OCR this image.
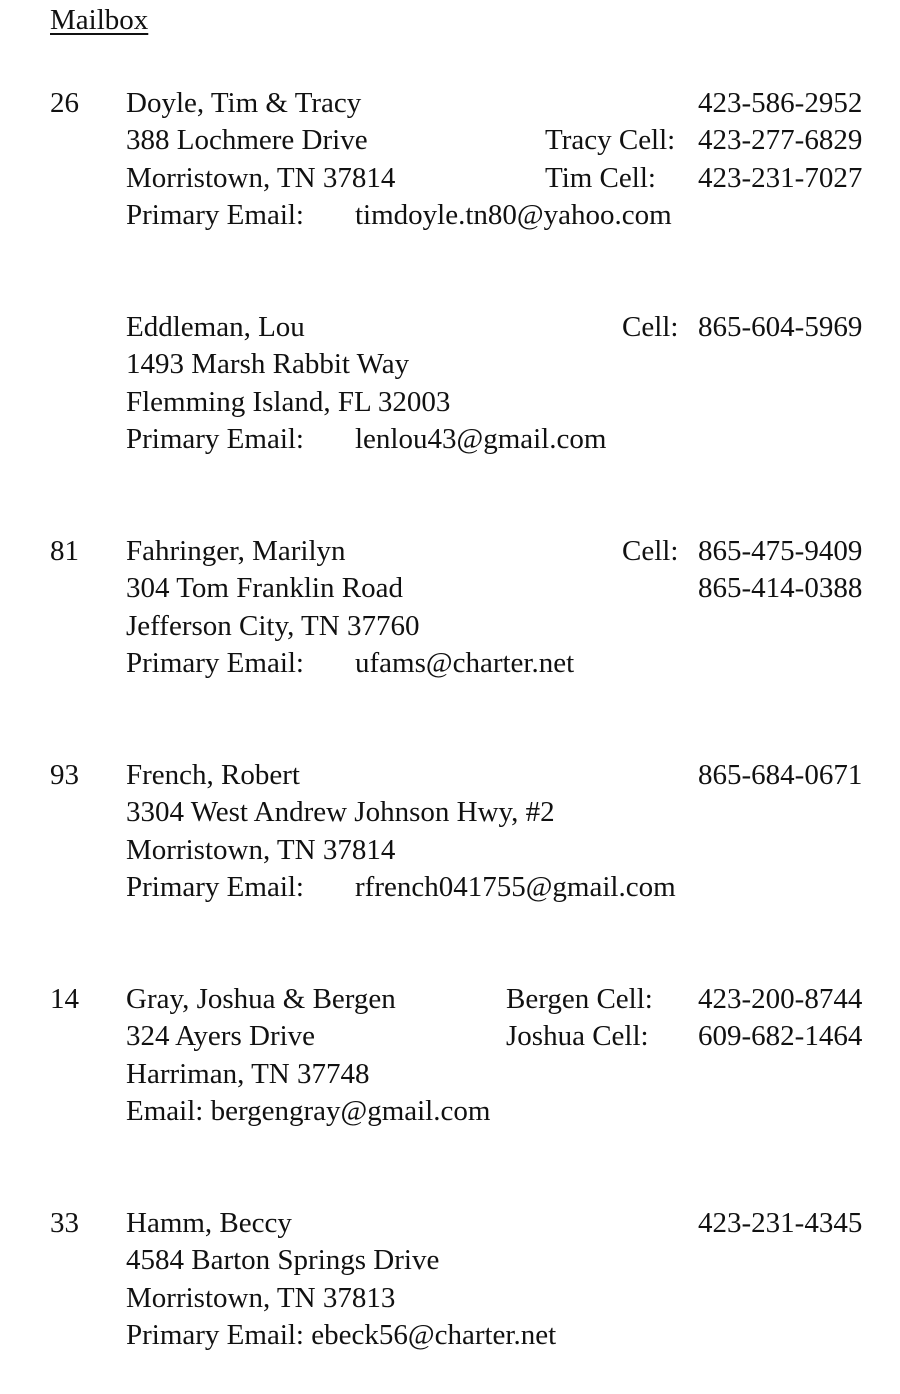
Mailbox
26 Doyle, Tim & Tracy
388 Lochmere Drive
Morristown, TN 37814
Primary Email: timdoyle.tn80@yahoo.com
423-586-2952
Tracy Cell: 423-277-6829
Tim Cell: 423-231-7027
Eddleman, Lou
1493 Marsh Rabbit Way
Flemming Island, FL 32003
Primary Email: lenlou43@gmail.com
Cell: 865-604-5969
81 Fahringer, Marilyn
304 Tom Franklin Road
Jefferson City, TN 37760
Primary Email: ufams@charter.net
Cell: 865-475-9409
865-414-0388
93 French, Robert
3304 West Andrew Johnson Hwy, #2
Morristown, TN 37814
Primary Email: rfrench041755@gmail.com
865-684-0671
14 Gray, Joshua & Bergen
324 Ayers Drive
Harriman, TN 37748
Email: bergengray@gmail.com
Bergen Cell: 423-200-8744
Joshua Cell: 609-682-1464
33 Hamm, Beccy
4584 Barton Springs Drive
Morristown, TN 37813
Primary Email: ebeck56@charter.net
423-231-4345
